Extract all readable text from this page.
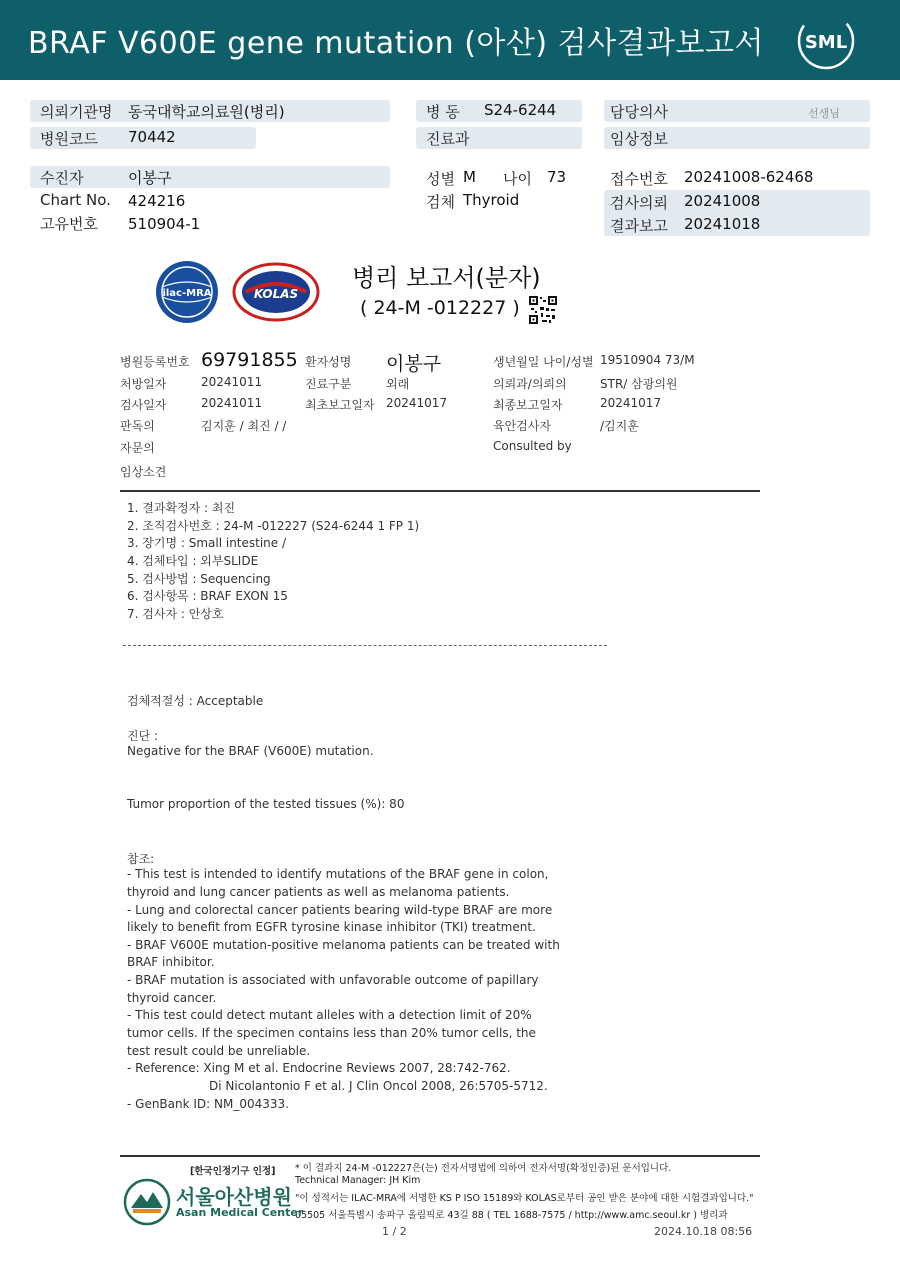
BRAF V600E gene mutation (아산) 검사결과보고서 SML
의뢰기관명 동국대학교의료원(병리)
병원코드 70442
병 동 S24-6244
진료과
담당의사	선생님
임상정보
수진자	이봉구
Chart No. 424216
고유번호 510904-1
성별 M 나이 73
검체 Thyroid
접수번호 20241008-62468
검사의뢰 20241008
결과보고 20241018
ilac-MRA	KOLAS
병리 보고서(분자)
( 24-M -012227 )
병원등록번호 69791855 환자성명 이봉구	생년월일 나이/성별 19510904 73/M
처방일자	20241011	진료구분	외래	의뢰과/의뢰의	STR/ 삼광의원
검사일자	20241011	최초보고일자 20241017	최종보고일자	20241017
판독의	김지훈 / 최진 / /	육안검사자	/김지훈
자문의	Consulted by
임상소견
1. 결과확정자 : 최진
2. 조직검사번호 : 24-M -012227 (S24-6244 1 FP 1)
3. 장기명 : Small intestine /
4. 검체타입 : 외부SLIDE
5. 검사방법 : Sequencing
6. 검사항목 : BRAF EXON 15
7. 검사자 : 안상호
검체적절성 : Acceptable
진단 :
Negative for the BRAF (V600E) mutation.
Tumor proportion of the tested tissues (%): 80
참조:
- This test is intended to identify mutations of the BRAF gene in colon,
thyroid and lung cancer patients as well as melanoma patients.
- Lung and colorectal cancer patients bearing wild-type BRAF are more
likely to benefit from EGFR tyrosine kinase inhibitor (TKI) treatment.
- BRAF V600E mutation-positive melanoma patients can be treated with
BRAF inhibitor.
- BRAF mutation is associated with unfavorable outcome of papillary
thyroid cancer.
- This test could detect mutant alleles with a detection limit of 20%
tumor cells. If the specimen contains less than 20% tumor cells, the
test result could be unreliable.
- Reference: Xing M et al. Endocrine Reviews 2007, 28:742-762.
Di Nicolantonio F et al. J Clin Oncol 2008, 26:5705-5712.
- GenBank ID: NM_004333.
[한국인정기구 인정] * 이 결과지 24-M -012227은(는) 전자서명법에 의하여 전자서명(확정인증)된 문서입니다.
Technical Manager: JH Kim
"이 성적서는 ILAC-MRA에 서명한 KS P ISO 15189와 KOLAS로부터 공인 받은 분야에 대한 시험결과입니다."
05505 서울특별시 송파구 올림픽로 43길 88 ( TEL 1688-7575 / http://www.amc.seoul.kr ) 병리과
서울아산병원
Asan Medical Center
1 / 2	2024.10.18 08:56
